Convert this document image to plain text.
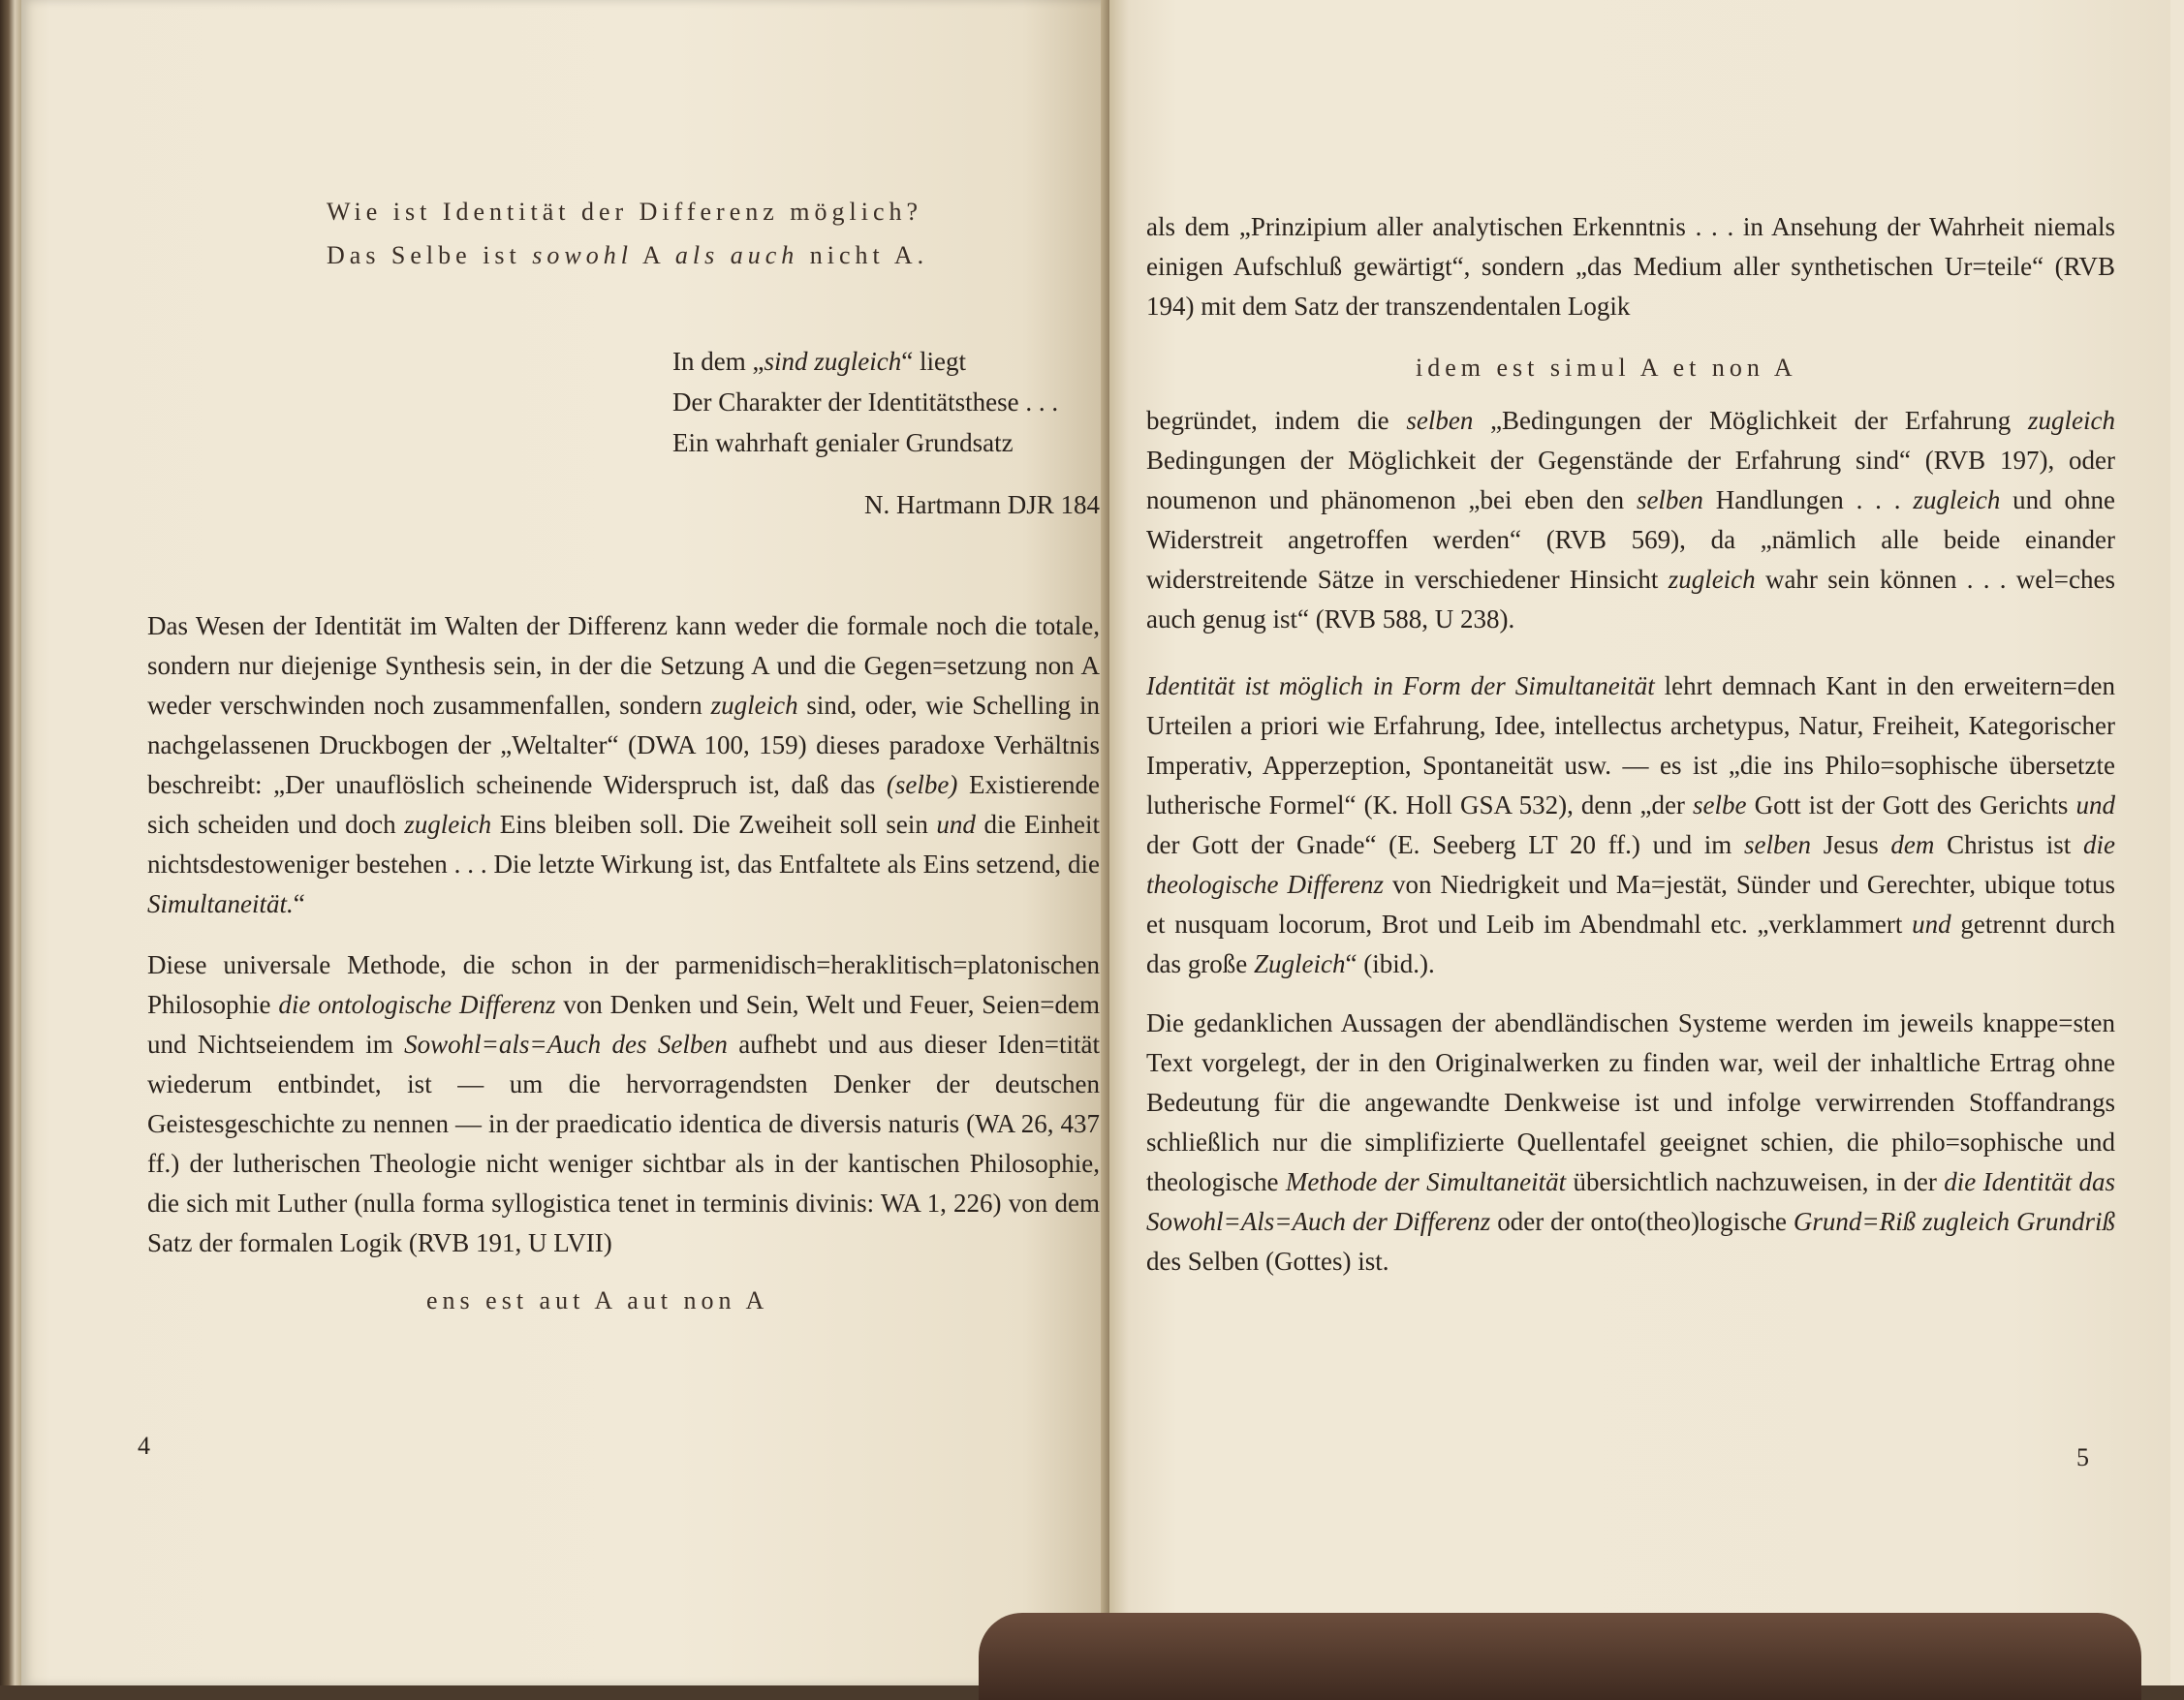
Wie ist Identität der Differenz möglich?
Das Selbe ist sowohl A als auch nicht A.
In dem „sind zugleich“ liegt
Der Charakter der Identitätsthese . . .
Ein wahrhaft genialer Grundsatz
N. Hartmann DJR 184
Das Wesen der Identität im Walten der Differenz kann weder die formale noch die totale, sondern nur diejenige Synthesis sein, in der die Setzung A und die Gegen=setzung non A weder verschwinden noch zusammenfallen, sondern zugleich sind, oder, wie Schelling in nachgelassenen Druckbogen der „Weltalter“ (DWA 100, 159) dieses paradoxe Verhältnis beschreibt: „Der unauflöslich scheinende Widerspruch ist, daß das (selbe) Existierende sich scheiden und doch zugleich Eins bleiben soll. Die Zweiheit soll sein und die Einheit nichtsdestoweniger bestehen . . . Die letzte Wirkung ist, das Entfaltete als Eins setzend, die Simultaneität.“
Diese universale Methode, die schon in der parmenidisch=heraklitisch=platonischen Philosophie die ontologische Differenz von Denken und Sein, Welt und Feuer, Seien=dem und Nichtseiendem im Sowohl=als=Auch des Selben aufhebt und aus dieser Iden=tität wiederum entbindet, ist — um die hervorragendsten Denker der deutschen Geistesgeschichte zu nennen — in der praedicatio identica de diversis naturis (WA 26, 437 ff.) der lutherischen Theologie nicht weniger sichtbar als in der kantischen Philosophie, die sich mit Luther (nulla forma syllogistica tenet in terminis divinis: WA 1, 226) von dem Satz der formalen Logik (RVB 191, U LVII)
ens est aut A aut non A
4
als dem „Prinzipium aller analytischen Erkenntnis . . . in Ansehung der Wahrheit niemals einigen Aufschluß gewärtigt“, sondern „das Medium aller synthetischen Ur=teile“ (RVB 194) mit dem Satz der transzendentalen Logik
idem est simul A et non A
begründet, indem die selben „Bedingungen der Möglichkeit der Erfahrung zugleich Bedingungen der Möglichkeit der Gegenstände der Erfahrung sind“ (RVB 197), oder noumenon und phänomenon „bei eben den selben Handlungen . . . zugleich und ohne Widerstreit angetroffen werden“ (RVB 569), da „nämlich alle beide einander widerstreitende Sätze in verschiedener Hinsicht zugleich wahr sein können . . . wel=ches auch genug ist“ (RVB 588, U 238).
Identität ist möglich in Form der Simultaneität lehrt demnach Kant in den erweitern=den Urteilen a priori wie Erfahrung, Idee, intellectus archetypus, Natur, Freiheit, Kategorischer Imperativ, Apperzeption, Spontaneität usw. — es ist „die ins Philo=sophische übersetzte lutherische Formel“ (K. Holl GSA 532), denn „der selbe Gott ist der Gott des Gerichts und der Gott der Gnade“ (E. Seeberg LT 20 ff.) und im selben Jesus dem Christus ist die theologische Differenz von Niedrigkeit und Ma=jestät, Sünder und Gerechter, ubique totus et nusquam locorum, Brot und Leib im Abendmahl etc. „verklammert und getrennt durch das große Zugleich“ (ibid.).
Die gedanklichen Aussagen der abendländischen Systeme werden im jeweils knappe=sten Text vorgelegt, der in den Originalwerken zu finden war, weil der inhaltliche Ertrag ohne Bedeutung für die angewandte Denkweise ist und infolge verwirrenden Stoffandrangs schließlich nur die simplifizierte Quellentafel geeignet schien, die philo=sophische und theologische Methode der Simultaneität übersichtlich nachzuweisen, in der die Identität das Sowohl=Als=Auch der Differenz oder der onto(theo)logische Grund=Riß zugleich Grundriß des Selben (Gottes) ist.
5
